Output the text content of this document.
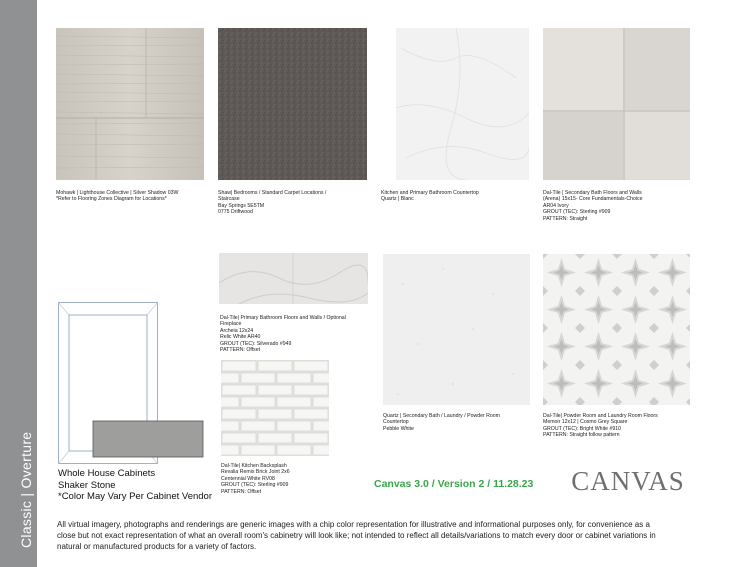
Classic | Overture
Mohawk | Lighthouse Collective | Silver Shadow 03W
*Refer to Flooring Zones Diagram for Locations*
Shaw| Bedrooms / Standard Carpet Locations /
Staircase
Bay Springs 5E5TM
0775 Driftwood
Kitchen and Primary Bathroom Countertop
Quartz | Blanc
Dal-Tile | Secondary Bath Floors and Walls
(Arena) 15x15- Core Fundamentals-Choice
AR04 Ivory
GROUT (TEC): Sterling #909
PATTERN: Straight
Dal-Tile| Primary Bathroom Floors and Walls / Optional
Fireplace
Archeia 12x24
Relic White AR40
GROUT (TEC): Silverado #949
PATTERN: Offset
Quartz | Secondary Bath / Laundry / Powder Room
Countertop
Pebble White
Dal-Tile| Powder Room and Laundry Room Floors
Memoir 12x12 | Cosmo Grey Square
GROUT (TEC): Bright White #910
PATTERN: Straight follow pattern
Dal-Tile| Kitchen Backsplash
Revalia Remix Brick Joint 2x6
Centennial White RV08
GROUT (TEC): Sterling #909
PATTERN: Offset
Whole House Cabinets
Shaker Stone
*Color May Vary Per Cabinet Vendor
Canvas 3.0 / Version 2 / 11.28.23 CANVAS
All virtual imagery, photographs and renderings are generic images with a chip color representation for illustrative and informational purposes only, for convenience as a close but not exact representation of what an overall room's cabinetry will look like; not intended to reflect all details/variations to match every door or cabinet variations in natural or manufactured products for a variety of factors.
